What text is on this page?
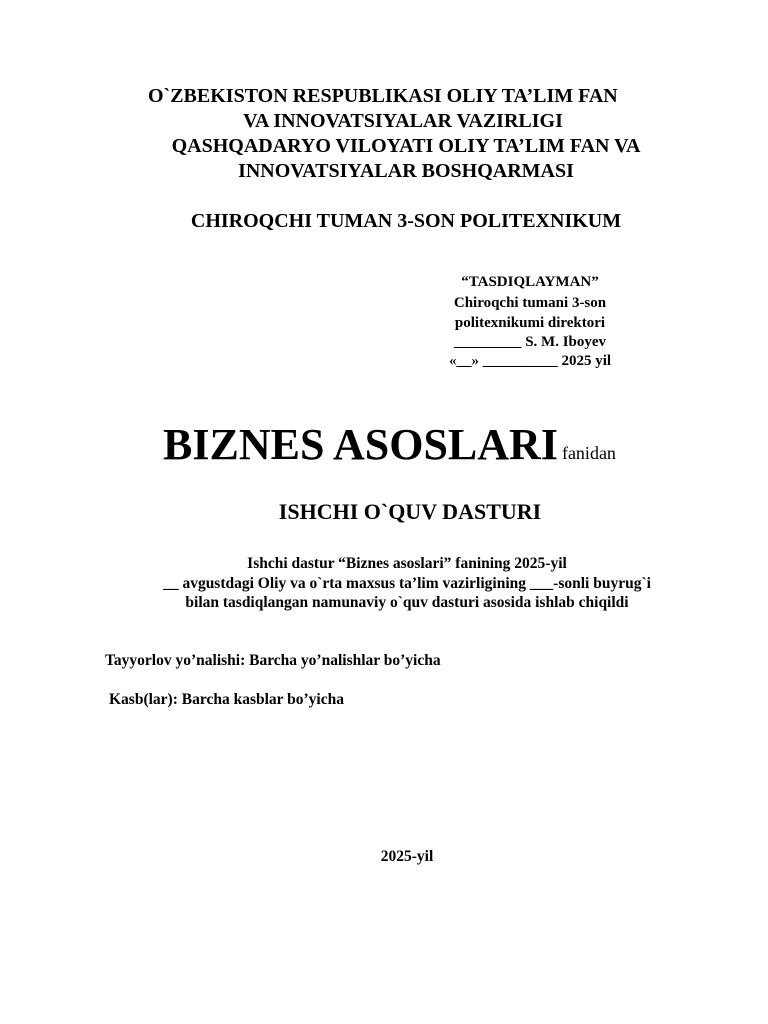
O`ZBEKISTON RESPUBLIKASI OLIY TA’LIM FAN
VA INNOVATSIYALAR VAZIRLIGI
QASHQADARYO VILOYATI OLIY TA’LIM FAN VA
INNOVATSIYALAR BOSHQARMASI
CHIROQCHI TUMAN 3-SON POLITEXNIKUM
“TASDIQLAYMAN”
Chiroqchi tumani 3-son
politexnikumi direktori
_________ S. M. Iboyev
«__» __________ 2025 yil
BIZNES ASOSLARI fanidan
ISHCHI O`QUV DASTURI
Ishchi dastur “Biznes asoslari” fanining 2025-yil
__ avgustdagi Oliy va o`rta maxsus ta’lim vazirligining ___-sonli buyrug`i
bilan tasdiqlangan namunaviy o`quv dasturi asosida ishlab chiqildi
Tayyorlov yo’nalishi: Barcha yo’nalishlar bo’yicha
Kasb(lar): Barcha kasblar bo’yicha
2025-yil
